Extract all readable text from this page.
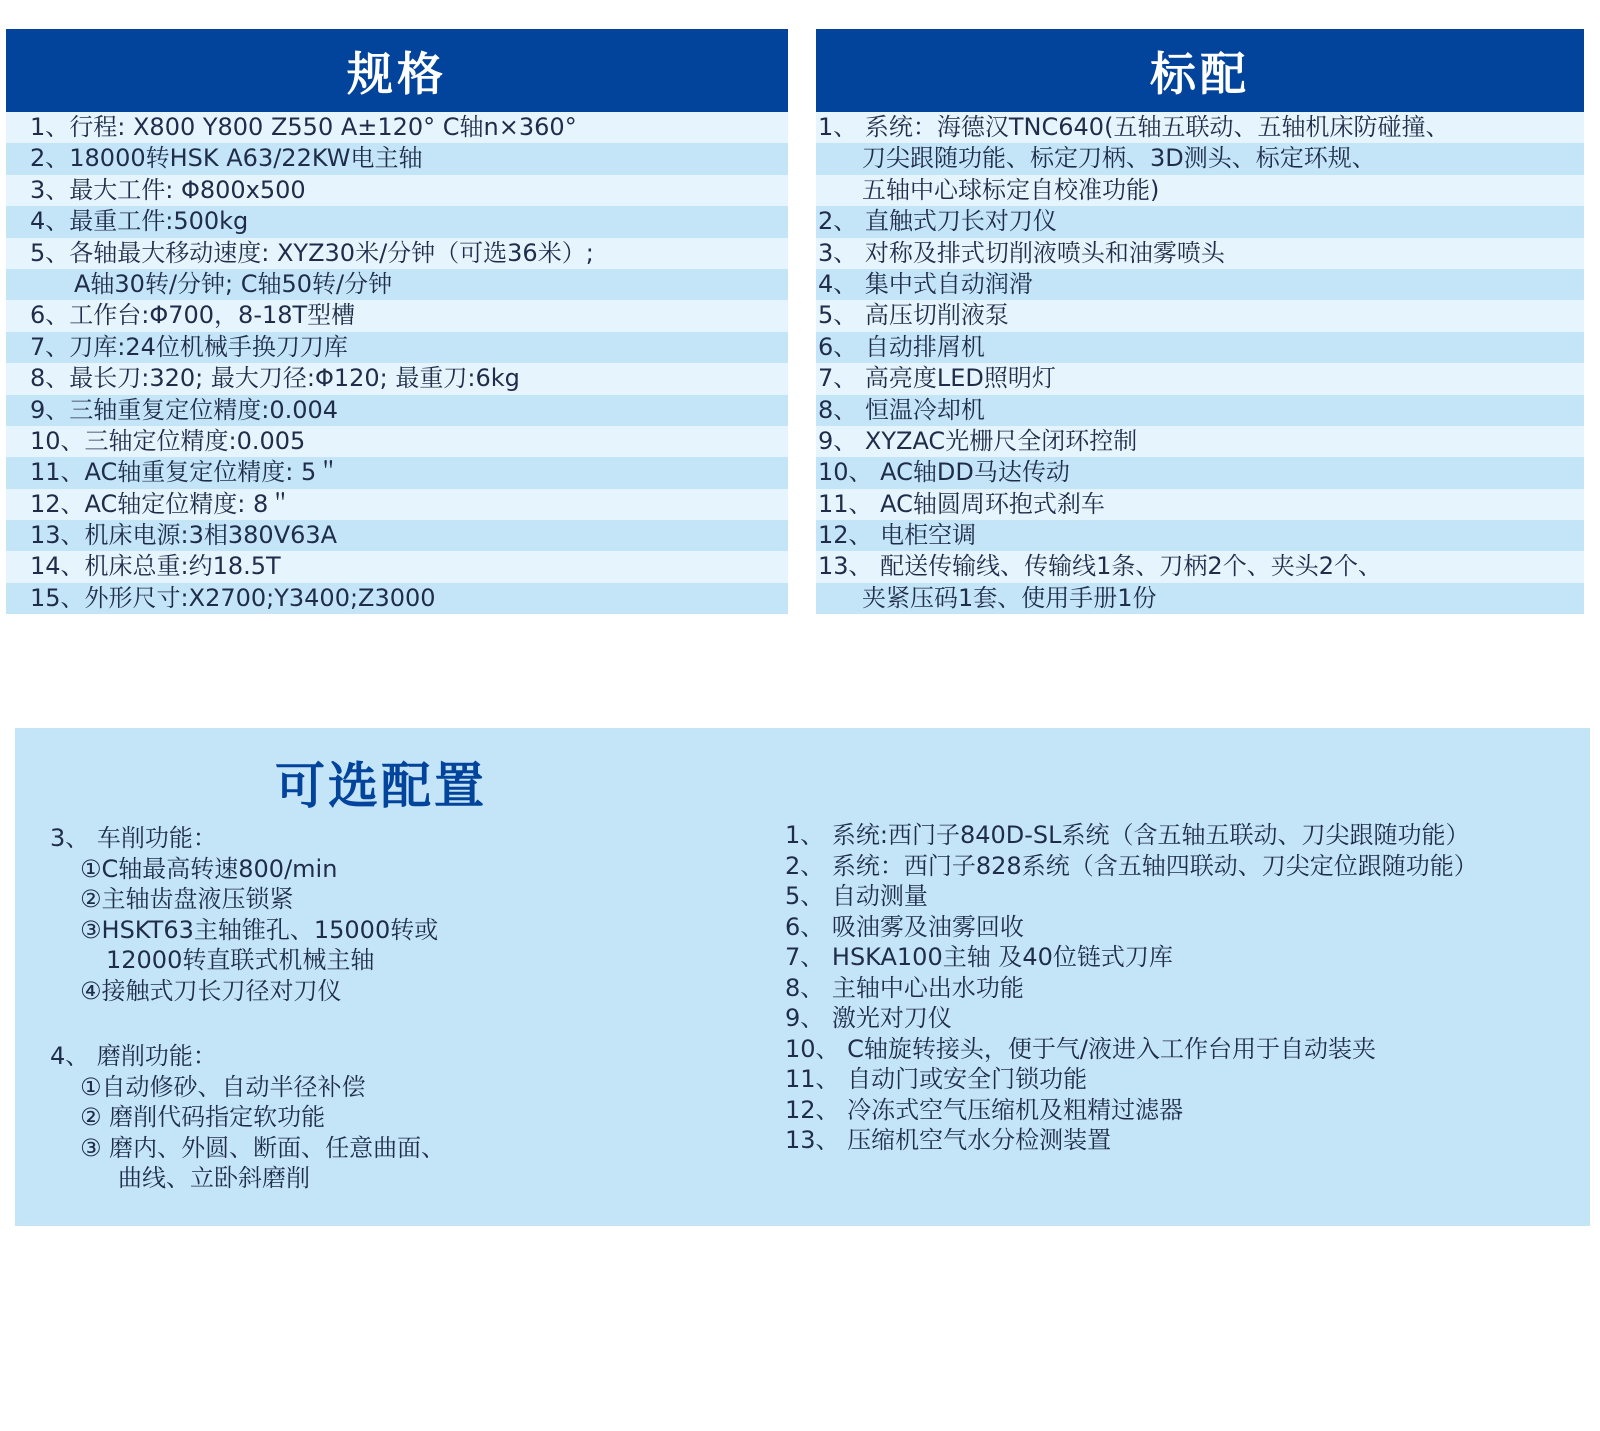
规格
1、行程: X800 Y800 Z550 A±120° C轴n×360°
2、18000转HSK A63/22KW电主轴
3、最大工件: Φ800x500
4、最重工件:500kg
5、各轴最大移动速度: XYZ30米/分钟（可选36米）;
A轴30转/分钟; C轴50转/分钟
6、工作台:Φ700，8-18T型槽
7、刀库:24位机械手换刀刀库
8、最长刀:320; 最大刀径:Φ120; 最重刀:6kg
9、三轴重复定位精度:0.004
10、三轴定位精度:0.005
11、AC轴重复定位精度: 5＂
12、AC轴定位精度: 8＂
13、机床电源:3相380V63A
14、机床总重:约18.5T
15、外形尺寸:X2700;Y3400;Z3000
标配
1、 系统：海德汉TNC640(五轴五联动、五轴机床防碰撞、
刀尖跟随功能、标定刀柄、3D测头、标定环规、
五轴中心球标定自校准功能)
2、 直触式刀长对刀仪
3、 对称及排式切削液喷头和油雾喷头
4、 集中式自动润滑
5、 高压切削液泵
6、 自动排屑机
7、 高亮度LED照明灯
8、 恒温冷却机
9、 XYZAC光栅尺全闭环控制
10、 AC轴DD马达传动
11、 AC轴圆周环抱式刹车
12、 电柜空调
13、 配送传输线、传输线1条、刀柄2个、夹头2个、
夹紧压码1套、使用手册1份
可选配置
3、 车削功能：
①C轴最高转速800/min
②主轴齿盘液压锁紧
③HSKT63主轴锥孔、15000转或
12000转直联式机械主轴
④接触式刀长刀径对刀仪
4、 磨削功能：
①自动修砂、自动半径补偿
② 磨削代码指定软功能
③ 磨内、外圆、断面、任意曲面、
曲线、立卧斜磨削
1、 系统:西门子840D-SL系统（含五轴五联动、刀尖跟随功能）
2、 系统：西门子828系统（含五轴四联动、刀尖定位跟随功能）
5、 自动测量
6、 吸油雾及油雾回收
7、 HSKA100主轴 及40位链式刀库
8、 主轴中心出水功能
9、 激光对刀仪
10、 C轴旋转接头，便于气/液进入工作台用于自动装夹
11、 自动门或安全门锁功能
12、 冷冻式空气压缩机及粗精过滤器
13、 压缩机空气水分检测装置
